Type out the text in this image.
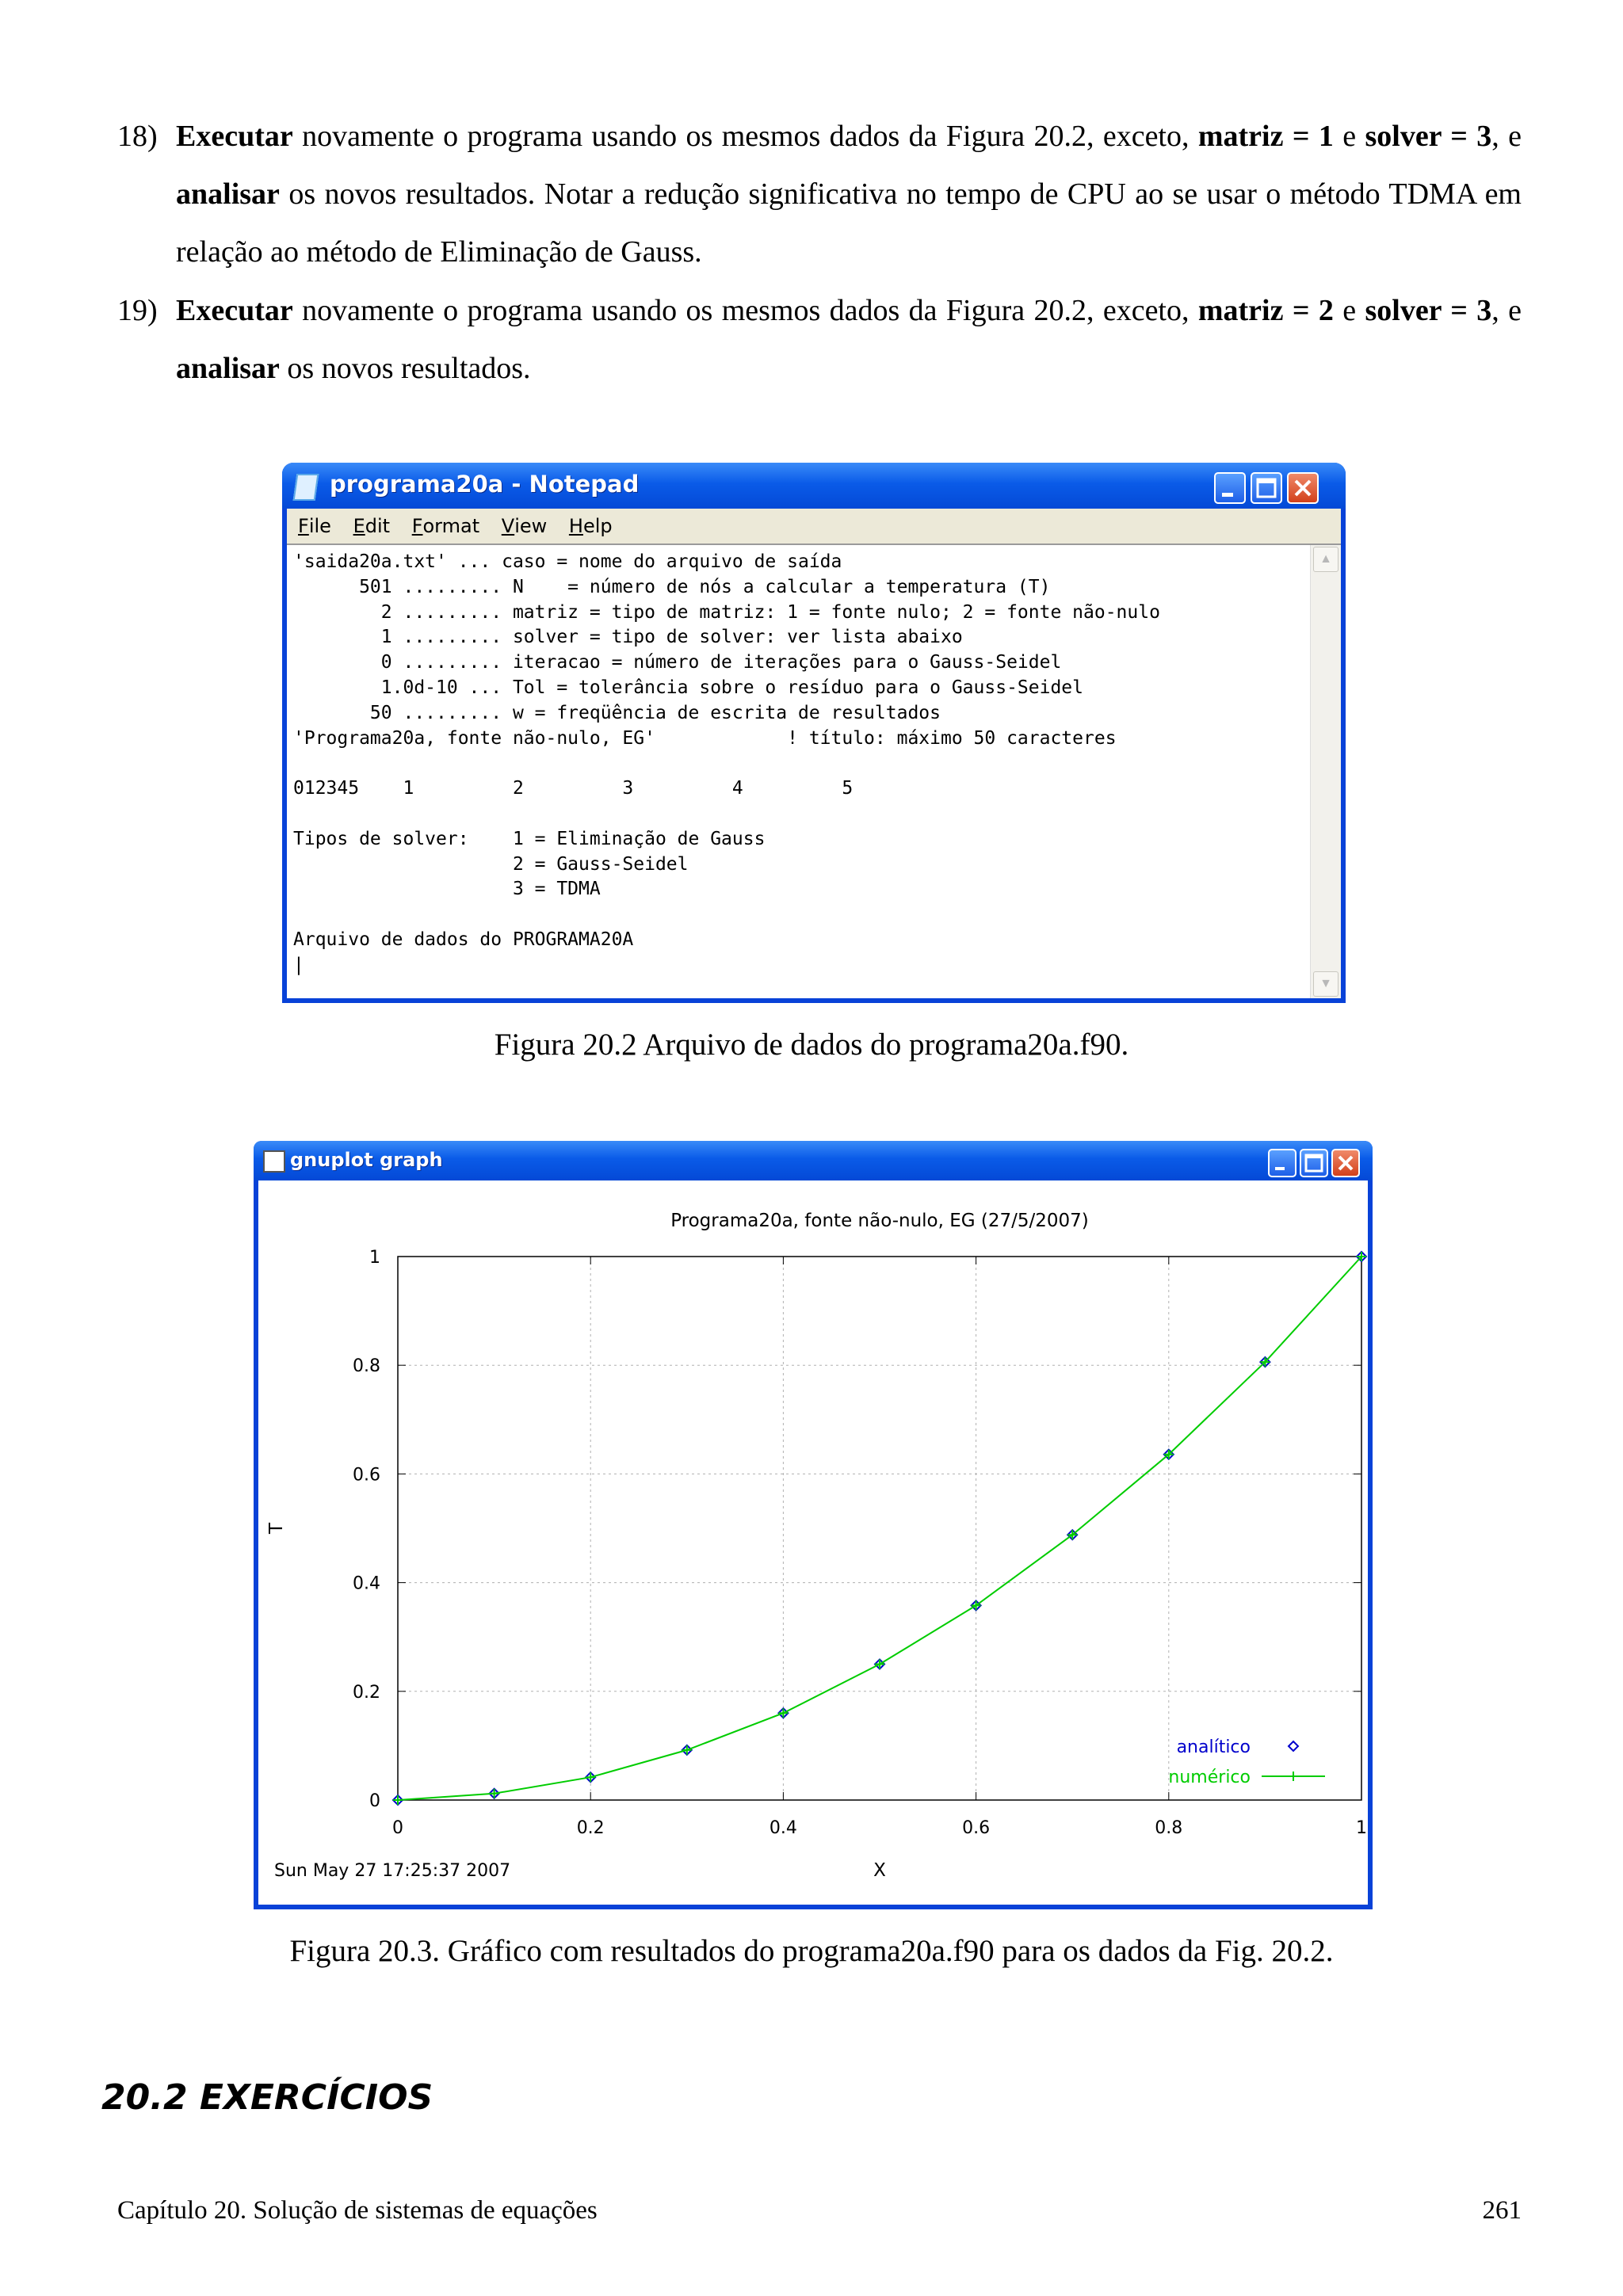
18) Executar novamente o programa usando os mesmos dados da Figura 20.2, exceto, matriz = 1 e solver = 3, e analisar os novos resultados. Notar a redução significativa no tempo de CPU ao se usar o método TDMA em relação ao método de Eliminação de Gauss.
19) Executar novamente o programa usando os mesmos dados da Figura 20.2, exceto, matriz = 2 e solver = 3, e analisar os novos resultados.
programa20a - Notepad
File Edit Format View Help
'saida20a.txt' ... caso = nome do arquivo de saída
501 ......... N    = número de nós a calcular a temperatura (T)
2 ......... matriz = tipo de matriz: 1 = fonte nulo; 2 = fonte não-nulo
1 ......... solver = tipo de solver: ver lista abaixo
0 ......... iteracao = número de iterações para o Gauss-Seidel
1.0d-10 ... Tol = tolerância sobre o resíduo para o Gauss-Seidel
50 ......... w = freqüência de escrita de resultados
'Programa20a, fonte não-nulo, EG'            ! título: máximo 50 caracteres

012345    1         2         3         4         5

Tipos de solver:    1 = Eliminação de Gauss
2 = Gauss-Seidel
3 = TDMA

Arquivo de dados do PROGRAMA20A
|
▲
▼
Figura 20.2 Arquivo de dados do programa20a.f90.
gnuplot graph
0	0.2	0.4	0.6	0.8	1
0
0.2
0.4
0.6
0.8
1
Programa20a, fonte não-nulo, EG (27/5/2007)
X
T
Sun May 27 17:25:37 2007
analítico
numérico
Figura 20.3. Gráfico com resultados do programa20a.f90 para os dados da Fig. 20.2.
20.2 EXERCÍCIOS
Capítulo 20. Solução de sistemas de equações	261
